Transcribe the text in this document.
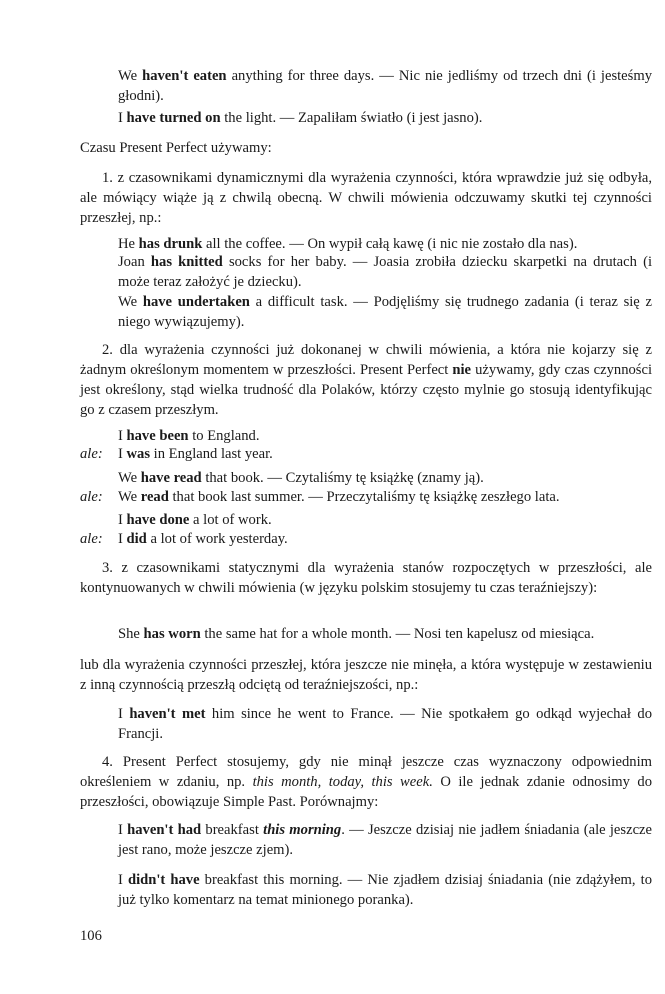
We haven't eaten anything for three days. — Nic nie jedliśmy od trzech dni (i jesteśmy głodni).

I have turned on the light. — Zapaliłam światło (i jest jasno).

Czasu Present Perfect używamy:

1. z czasownikami dynamicznymi dla wyrażenia czynności, która wprawdzie już się odbyła, ale mówiący wiąże ją z chwilą obecną. W chwili mówienia odczuwamy skutki tej czynności przeszłej, np.:

He has drunk all the coffee. — On wypił całą kawę (i nic nie zostało dla nas).

Joan has knitted socks for her baby. — Joasia zrobiła dziecku skarpetki na drutach (i może teraz założyć je dziecku).

We have undertaken a difficult task. — Podjęliśmy się trudnego zadania (i teraz się z niego wywiązujemy).

2. dla wyrażenia czynności już dokonanej w chwili mówienia, a która nie kojarzy się z żadnym określonym momentem w przeszłości. Present Perfect nie używamy, gdy czas czynności jest określony, stąd wielka trudność dla Polaków, którzy często mylnie go stosują identyfikując go z czasem przeszłym.

I have been to England.

ale: I was in England last year.

We have read that book. — Czytaliśmy tę książkę (znamy ją).

ale: We read that book last summer. — Przeczytaliśmy tę książkę zeszłego lata.

I have done a lot of work.

ale: I did a lot of work yesterday.

3. z czasownikami statycznymi dla wyrażenia stanów rozpoczętych w przeszłości, ale kontynuowanych w chwili mówienia (w języku polskim stosujemy tu czas teraźniejszy):

She has worn the same hat for a whole month. — Nosi ten kapelusz od miesiąca.

lub dla wyrażenia czynności przeszłej, która jeszcze nie minęła, a która występuje w zestawieniu z inną czynnością przeszłą odciętą od teraźniejszości, np.:

I haven't met him since he went to France. — Nie spotkałem go odkąd wyjechał do Francji.

4. Present Perfect stosujemy, gdy nie minął jeszcze czas wyznaczony odpowiednim określeniem w zdaniu, np. this month, today, this week. O ile jednak zdanie odnosimy do przeszłości, obowiązuje Simple Past. Porównajmy:

I haven't had breakfast this morning. — Jeszcze dzisiaj nie jadłem śniadania (ale jeszcze jest rano, może jeszcze zjem).

I didn't have breakfast this morning. — Nie zjadłem dzisiaj śniadania (nie zdążyłem, to już tylko komentarz na temat minionego poranka).

106
